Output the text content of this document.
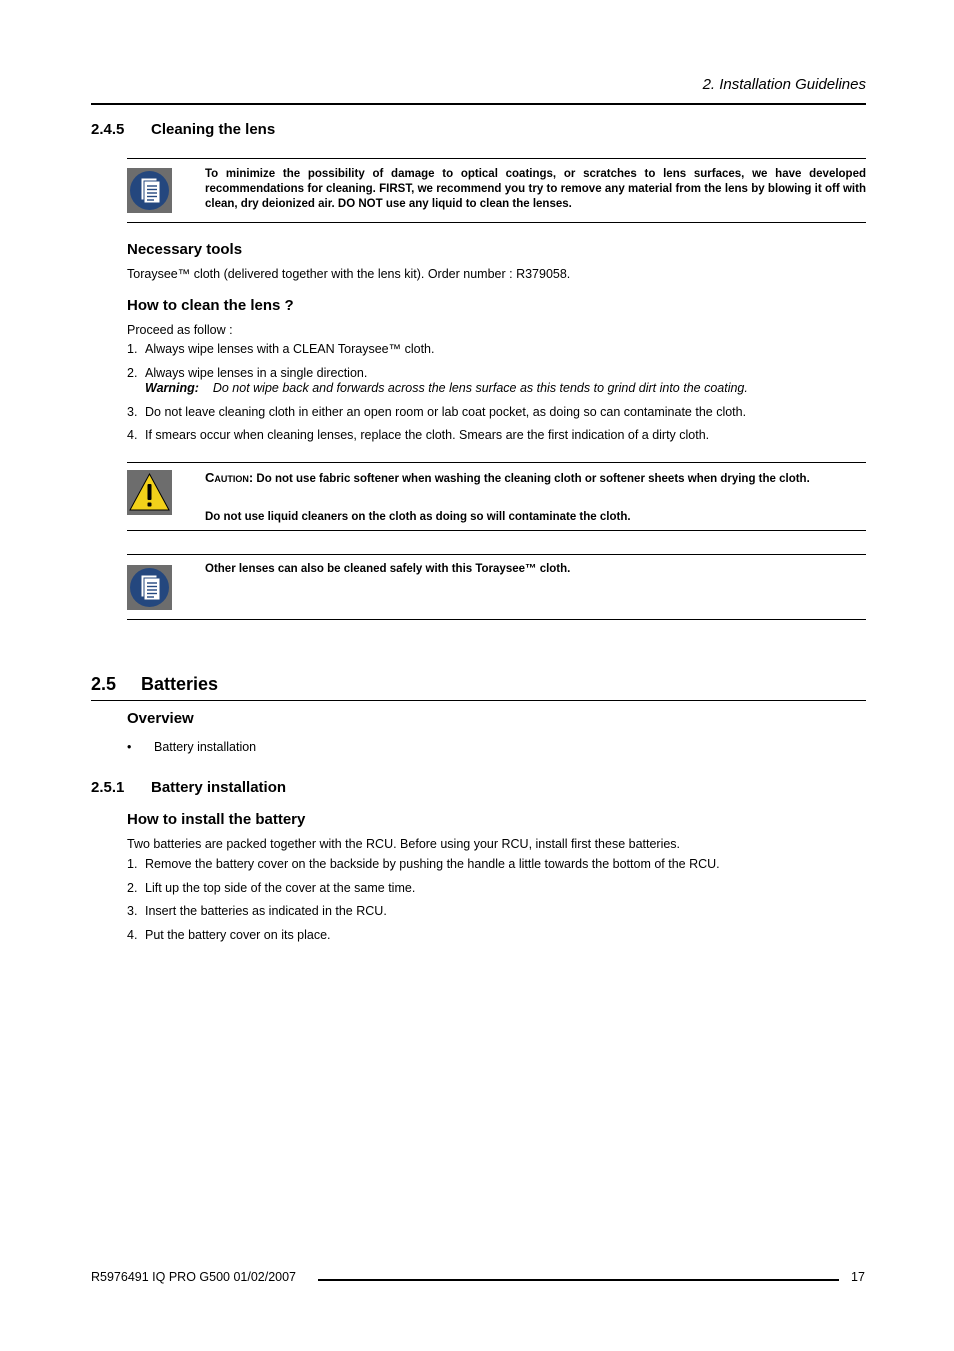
2. Installation Guidelines
2.4.5 Cleaning the lens
To minimize the possibility of damage to optical coatings, or scratches to lens surfaces, we have developed recommendations for cleaning. FIRST, we recommend you try to remove any material from the lens by blowing it off with clean, dry deionized air. DO NOT use any liquid to clean the lenses.
Necessary tools
Toraysee™ cloth (delivered together with the lens kit). Order number : R379058.
How to clean the lens ?
Proceed as follow :
1. Always wipe lenses with a CLEAN Toraysee™ cloth.
2. Always wipe lenses in a single direction.
Warning: Do not wipe back and forwards across the lens surface as this tends to grind dirt into the coating.
3. Do not leave cleaning cloth in either an open room or lab coat pocket, as doing so can contaminate the cloth.
4. If smears occur when cleaning lenses, replace the cloth. Smears are the first indication of a dirty cloth.
Caution: Do not use fabric softener when washing the cleaning cloth or softener sheets when drying the cloth.
Do not use liquid cleaners on the cloth as doing so will contaminate the cloth.
Other lenses can also be cleaned safely with this Toraysee™ cloth.
2.5 Batteries
Overview
• Battery installation
2.5.1 Battery installation
How to install the battery
Two batteries are packed together with the RCU. Before using your RCU, install first these batteries.
1. Remove the battery cover on the backside by pushing the handle a little towards the bottom of the RCU.
2. Lift up the top side of the cover at the same time.
3. Insert the batteries as indicated in the RCU.
4. Put the battery cover on its place.
R5976491 IQ PRO G500 01/02/2007	17
